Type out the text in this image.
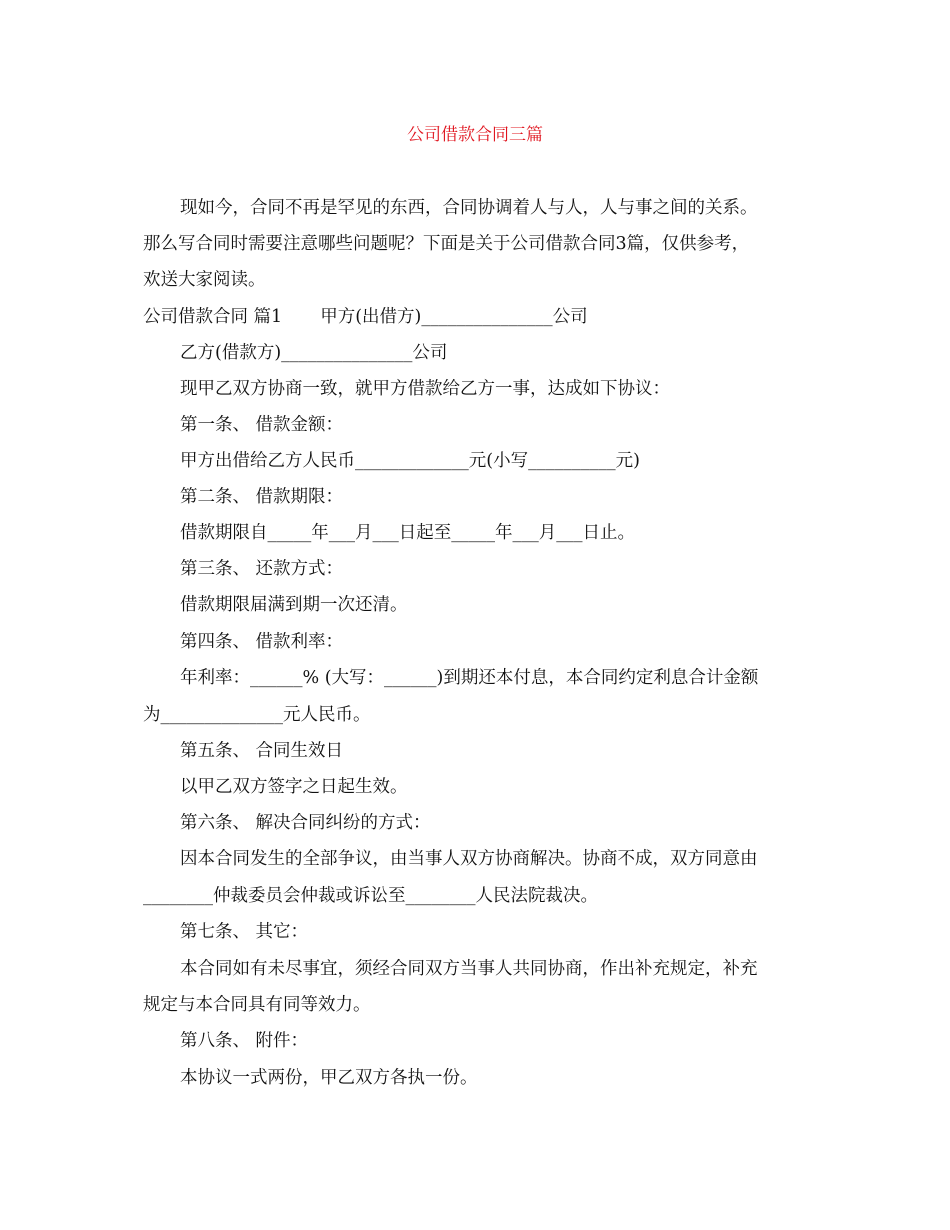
公司借款合同三篇
现如今，合同不再是罕见的东西，合同协调着人与人，人与事之间的关系。
那么写合同时需要注意哪些问题呢？下面是关于公司借款合同3篇，仅供参考，
欢送大家阅读。
公司借款合同 篇1 甲方(出借方)_______________公司
乙方(借款方)_______________公司
现甲乙双方协商一致，就甲方借款给乙方一事，达成如下协议：
第一条、 借款金额：
甲方出借给乙方人民币_____________元(小写__________元)
第二条、 借款期限：
借款期限自_____年___月___日起至_____年___月___日止。
第三条、 还款方式：
借款期限届满到期一次还清。
第四条、 借款利率：
年利率：______% (大写：______)到期还本付息，本合同约定利息合计金额
为______________元人民币。
第五条、 合同生效日
以甲乙双方签字之日起生效。
第六条、 解决合同纠纷的方式：
因本合同发生的全部争议，由当事人双方协商解决。协商不成，双方同意由
________仲裁委员会仲裁或诉讼至________人民法院裁决。
第七条、 其它：
本合同如有未尽事宜，须经合同双方当事人共同协商，作出补充规定，补充
规定与本合同具有同等效力。
第八条、 附件：
本协议一式两份，甲乙双方各执一份。
